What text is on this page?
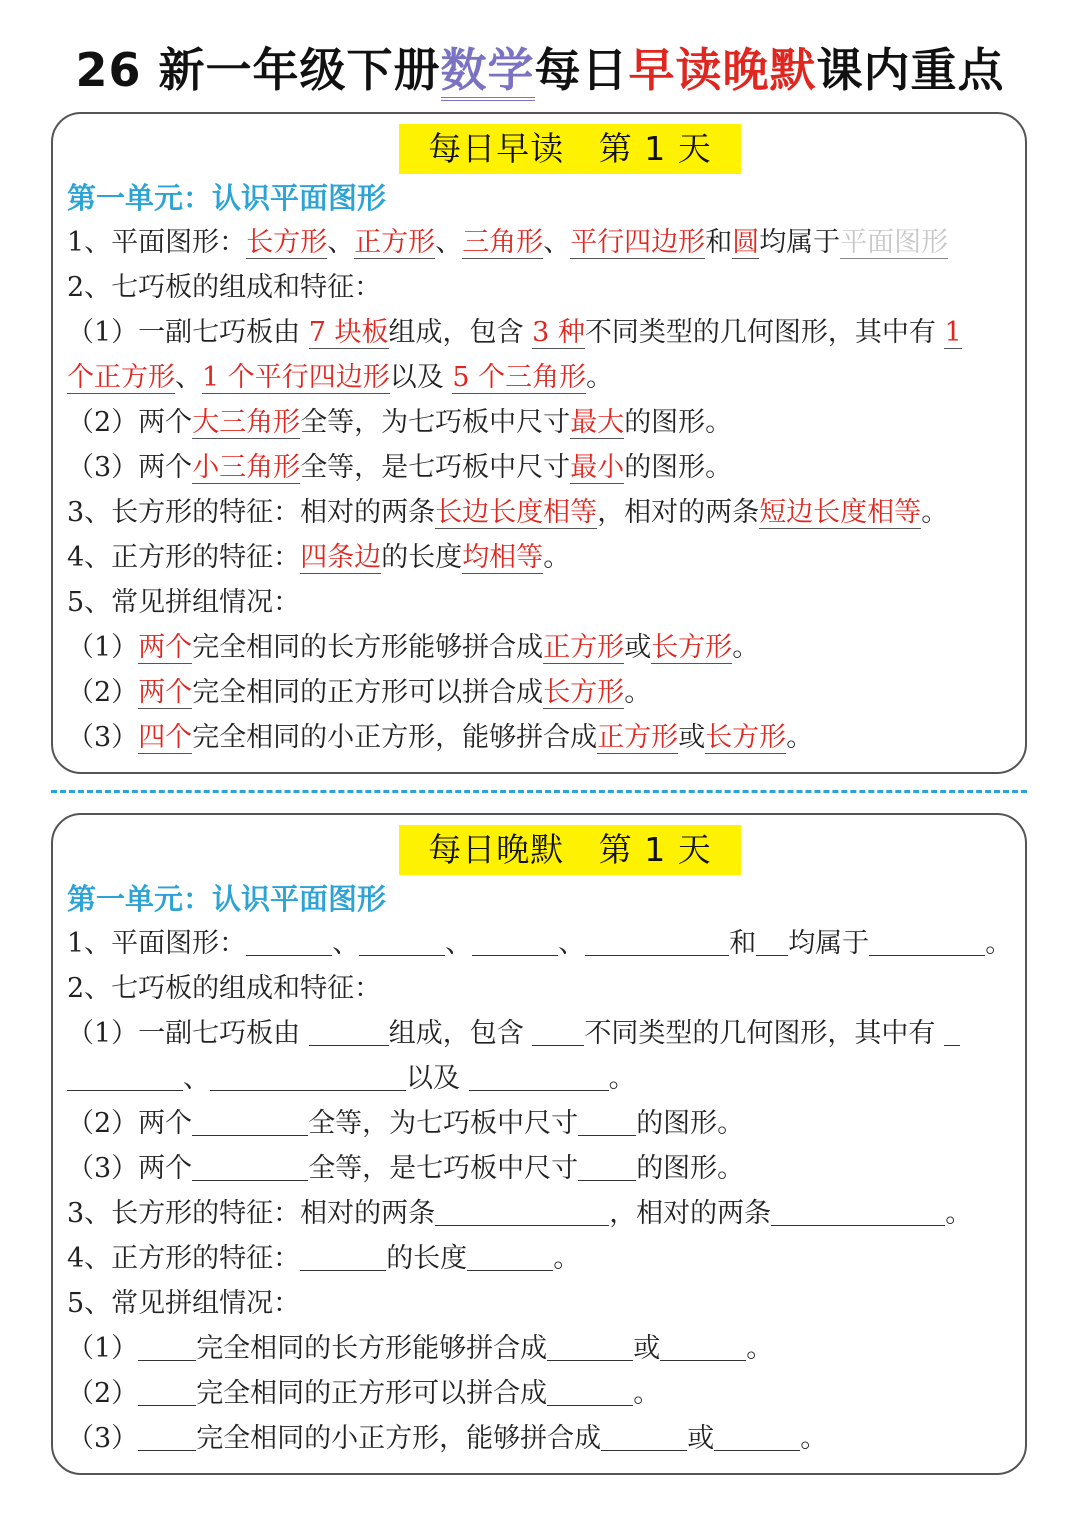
26 新一年级下册数学每日早读晚默课内重点
每日早读   第 1 天
第一单元：认识平面图形
1、平面图形：长方形、正方形、三角形、平行四边形和圆均属于平面图形
2、七巧板的组成和特征：
（1）一副七巧板由 7 块板组成，包含 3 种不同类型的几何图形，其中有 1
个正方形、1 个平行四边形以及 5 个三角形。
（2）两个大三角形全等，为七巧板中尺寸最大的图形。
（3）两个小三角形全等，是七巧板中尺寸最小的图形。
3、长方形的特征：相对的两条长边长度相等，相对的两条短边长度相等。
4、正方形的特征：四条边的长度均相等。
5、常见拼组情况：
（1）两个完全相同的长方形能够拼合成正方形或长方形。
（2）两个完全相同的正方形可以拼合成长方形。
（3）四个完全相同的小正方形，能够拼合成正方形或长方形。
每日晚默   第 1 天
第一单元：认识平面图形
1、平面图形：	、	、	、	和 均属于	。
2、七巧板的组成和特征：
（1）一副七巧板由	组成，包含 不同类型的几何图形，其中有
、	以及	。
（2）两个	全等，为七巧板中尺寸 的图形。
（3）两个	全等，是七巧板中尺寸 的图形。
3、长方形的特征：相对的两条	，相对的两条	。
4、正方形的特征：	的长度	。
5、常见拼组情况：
（1） 完全相同的长方形能够拼合成	或	。
（2） 完全相同的正方形可以拼合成	。
（3） 完全相同的小正方形，能够拼合成	或	。
